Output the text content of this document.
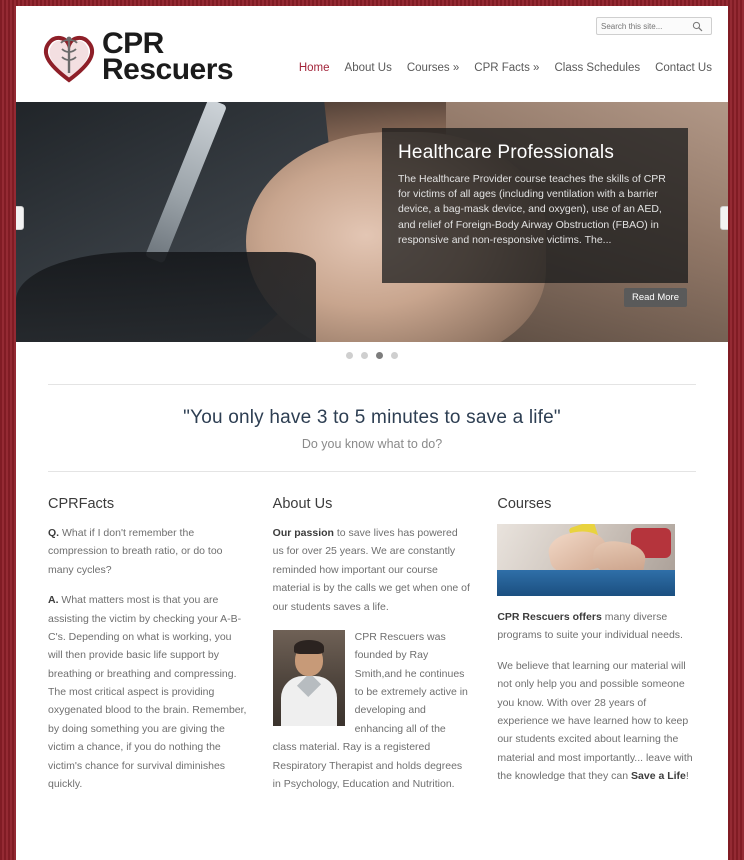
Search this site...
CPR
Rescuers	Home About Us Courses » CPR Facts » Class Schedules Contact Us
Healthcare Professionals

The Healthcare Provider course teaches the skills of CPR for victims of all ages (including ventilation with a barrier device, a bag-mask device, and oxygen), use of an AED, and relief of Foreign-Body Airway Obstruction (FBAO) in responsive and non-responsive victims. The...

Read More
"You only have 3 to 5 minutes to save a life"
Do you know what to do?
CPRFacts

Q. What if I don't remember the compression to breath ratio, or do too many cycles?

A. What matters most is that you are assisting the victim by checking your A-B-C's. Depending on what is working, you will then provide basic life support by breathing or breathing and compressing. The most critical aspect is providing oxygenated blood to the brain. Remember, by doing something you are giving the victim a chance, if you do nothing the victim's chance for survival diminishes quickly.

About Us

Our passion to save lives has powered us for over 25 years. We are constantly reminded how important our course material is by the calls we get when one of our students saves a life.

CPR Rescuers was founded by Ray Smith,and he continues to be extremely active in developing and enhancing all of the class material. Ray is a registered Respiratory Therapist and holds degrees in Psychology, Education and Nutrition.

Courses

CPR Rescuers offers many diverse programs to suite your individual needs.

We believe that learning our material will not only help you and possible someone you know. With over 28 years of experience we have learned how to keep our students excited about learning the material and most importantly... leave with the knowledge that they can Save a Life!
